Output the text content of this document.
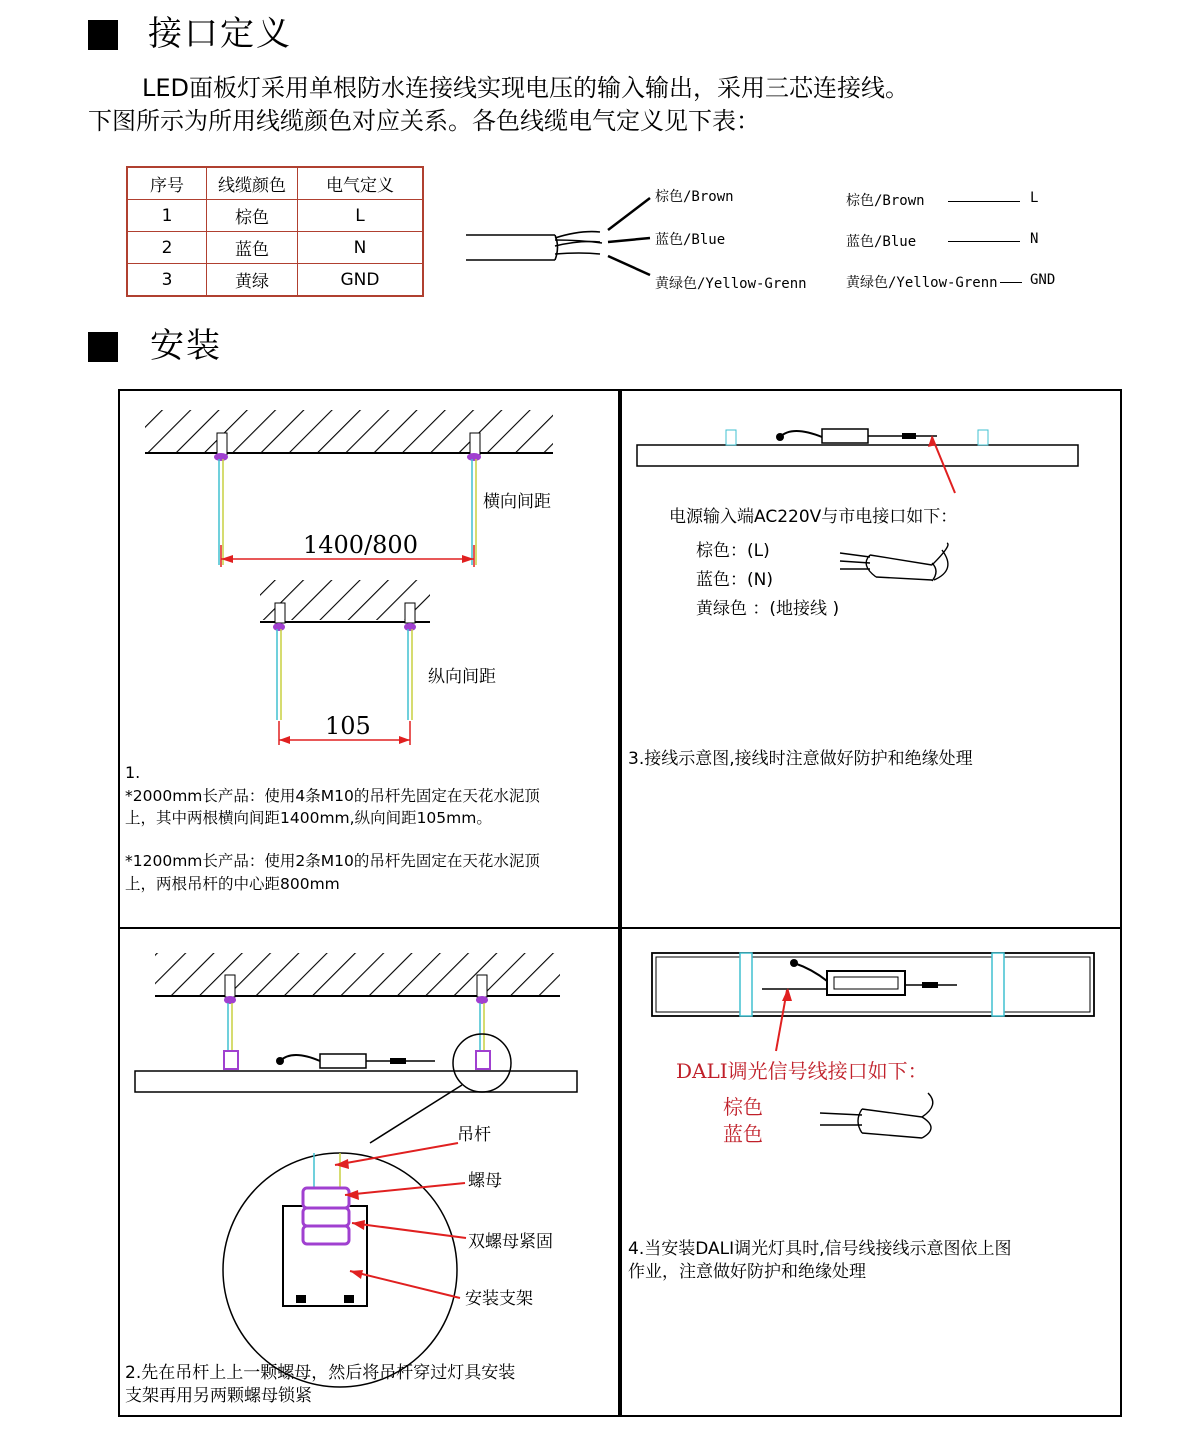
接口定义
LED面板灯采用单根防水连接线实现电压的输入输出，采用三芯连接线。
下图所示为所用线缆颜色对应关系。各色线缆电气定义见下表：
序号	线缆颜色	电气定义
1	棕色	L
2	蓝色	N
3	黄绿	GND
棕色/Brown
蓝色/Blue
黄绿色/Yellow-Grenn
棕色/Brown	L
蓝色/Blue	N
黄绿色/Yellow-Grenn GND
安装
1400/800
横向间距
105
纵向间距
1.
*2000mm长产品：使用4条M10的吊杆先固定在天花水泥顶
上，其中两根横向间距1400mm,纵向间距105mm。
*1200mm长产品：使用2条M10的吊杆先固定在天花水泥顶
上，两根吊杆的中心距800mm
电源输入端AC220V与市电接口如下：
棕色：(L)
蓝色：(N)
黄绿色 ：(地接线 )
3.接线示意图,接线时注意做好防护和绝缘处理
吊杆
螺母
双螺母紧固
安装支架
2.先在吊杆上上一颗螺母，然后将吊杆穿过灯具安装
支架再用另两颗螺母锁紧
DALI调光信号线接口如下：
棕色
蓝色
4.当安装DALI调光灯具时,信号线接线示意图依上图
作业，注意做好防护和绝缘处理
